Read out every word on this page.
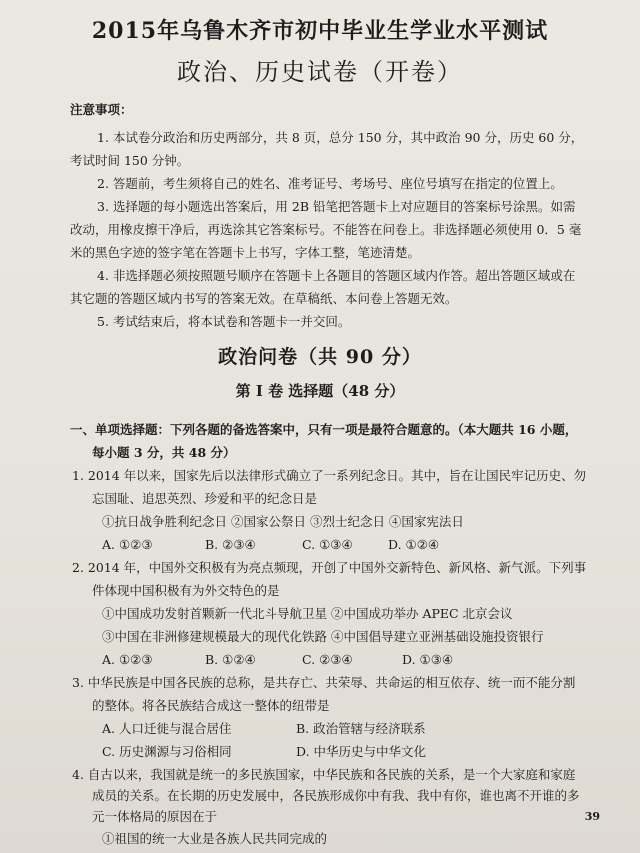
2015年乌鲁木齐市初中毕业生学业水平测试
政治、历史试卷（开卷）
注意事项：
1. 本试卷分政治和历史两部分，共 8 页，总分 150 分，其中政治 90 分，历史 60 分，
考试时间 150 分钟。
2. 答题前，考生须将自己的姓名、准考证号、考场号、座位号填写在指定的位置上。
3. 选择题的每小题选出答案后，用 2B 铅笔把答题卡上对应题目的答案标号涂黑。如需
改动，用橡皮擦干净后，再选涂其它答案标号。不能答在问卷上。非选择题必须使用 0．5 毫
米的黑色字迹的签字笔在答题卡上书写，字体工整，笔迹清楚。
4. 非选择题必须按照题号顺序在答题卡上各题目的答题区域内作答。超出答题区域或在
其它题的答题区域内书写的答案无效。在草稿纸、本问卷上答题无效。
5. 考试结束后，将本试卷和答题卡一并交回。
政治问卷（共 90 分）
第 I 卷 选择题（48 分）
一、单项选择题：下列各题的备选答案中，只有一项是最符合题意的。（本大题共 16 小题，
每小题 3 分，共 48 分）
1. 2014 年以来，国家先后以法律形式确立了一系列纪念日。其中，旨在让国民牢记历史、勿
忘国耻、追思英烈、珍爱和平的纪念日是
①抗日战争胜利纪念日 ②国家公祭日 ③烈士纪念日 ④国家宪法日
A. ①②③	B. ②③④	C. ①③④	D. ①②④
2. 2014 年，中国外交积极有为亮点频现，开创了中国外交新特色、新风格、新气派。下列事
件体现中国积极有为外交特色的是
①中国成功发射首颗新一代北斗导航卫星 ②中国成功举办 APEC 北京会议
③中国在非洲修建规模最大的现代化铁路 ④中国倡导建立亚洲基础设施投资银行
A. ①②③	B. ①②④	C. ②③④	D. ①③④
3. 中华民族是中国各民族的总称，是共存亡、共荣辱、共命运的相互依存、统一而不能分割
的整体。将各民族结合成这一整体的纽带是
A. 人口迁徙与混合居住	B. 政治管辖与经济联系
C. 历史渊源与习俗相同	D. 中华历史与中华文化
4. 自古以来，我国就是统一的多民族国家，中华民族和各民族的关系，是一个大家庭和家庭
成员的关系。在长期的历史发展中，各民族形成你中有我、我中有你，谁也离不开谁的多
元一体格局的原因在于
①祖国的统一大业是各族人民共同完成的
39
